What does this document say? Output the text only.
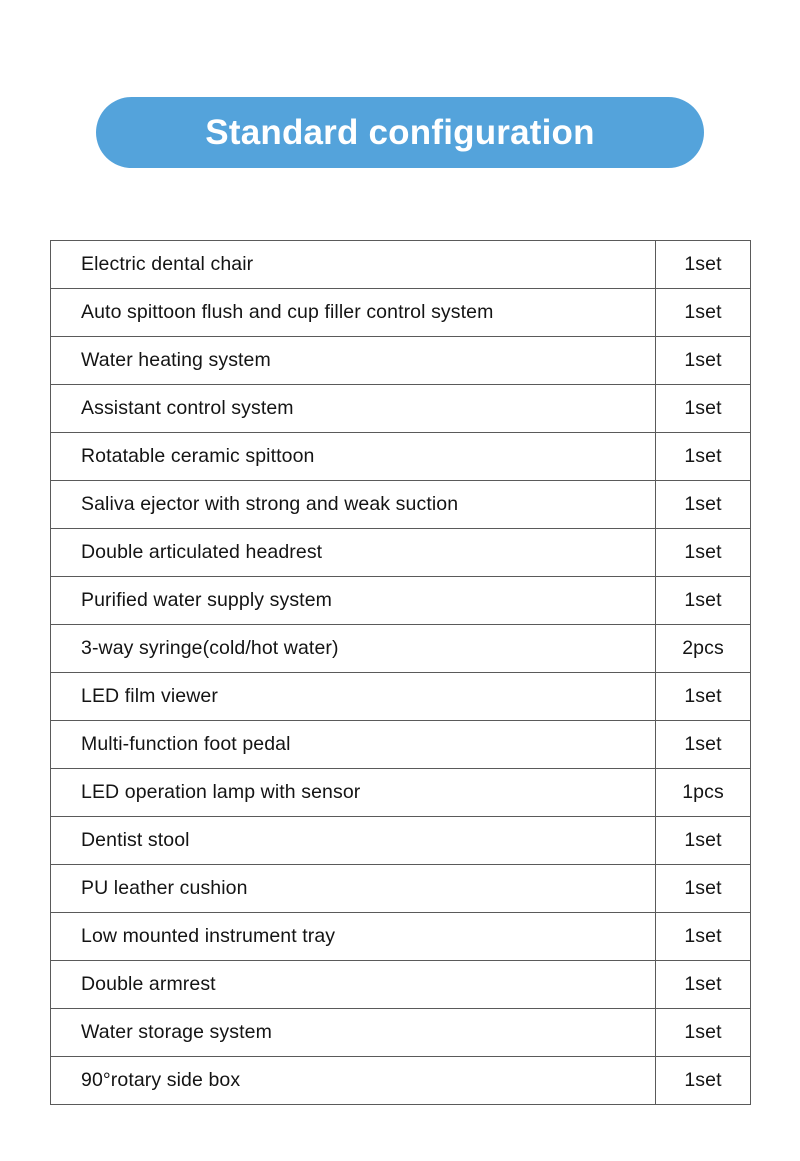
Standard configuration
Electric dental chair	1set
Auto spittoon flush and cup filler control system	1set
Water heating system	1set
Assistant control system	1set
Rotatable ceramic spittoon	1set
Saliva ejector with strong and weak suction	1set
Double articulated headrest	1set
Purified water supply system	1set
3-way syringe(cold/hot water)	2pcs
LED film viewer	1set
Multi-function foot pedal	1set
LED operation lamp with sensor	1pcs
Dentist stool	1set
PU leather cushion	1set
Low mounted instrument tray	1set
Double armrest	1set
Water storage system	1set
90°rotary side box	1set
